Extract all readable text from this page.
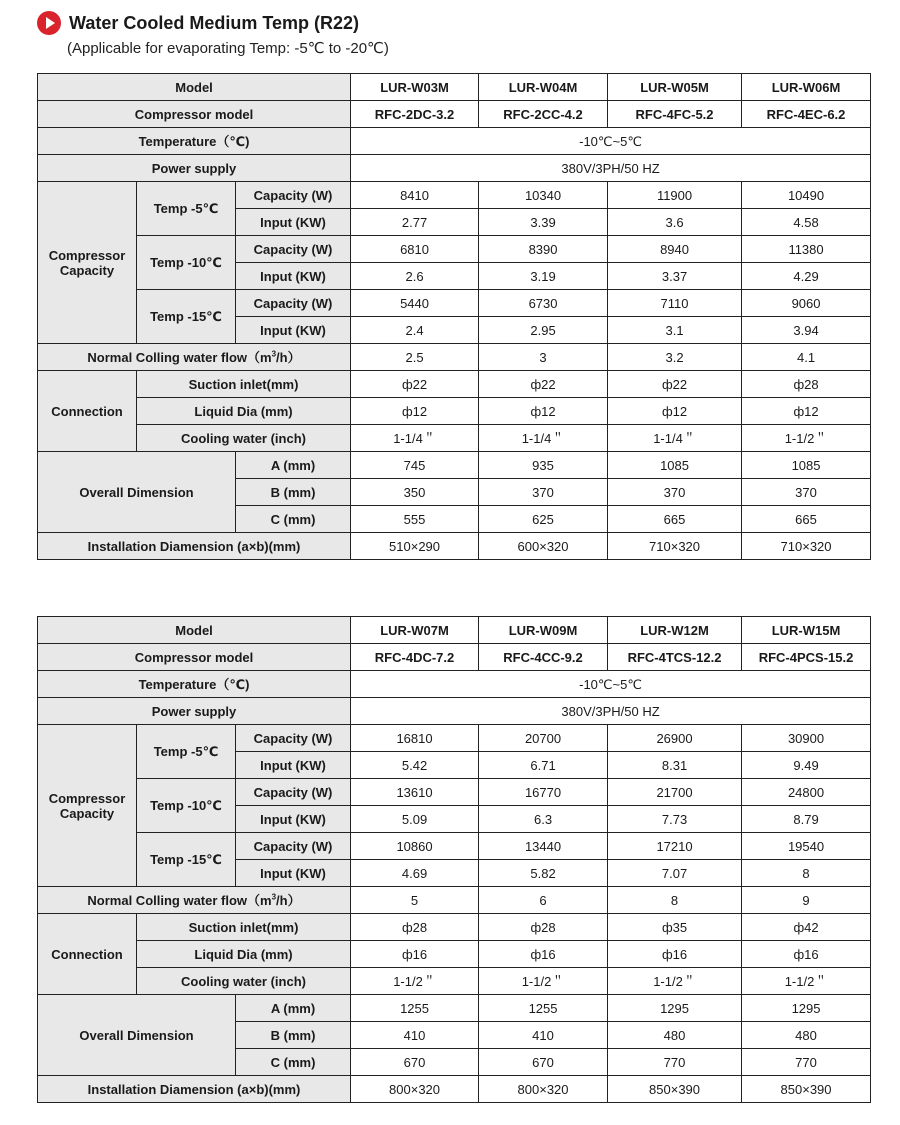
Water Cooled Medium Temp (R22)
(Applicable for evaporating Temp: -5℃ to -20℃)
Model			LUR-W03M	LUR-W04M	LUR-W05M	LUR-W06M
Compressor model			RFC-2DC-3.2	RFC-2CC-4.2	RFC-4FC-5.2	RFC-4EC-6.2
Temperature（℃)			-10℃~5℃			
Power supply			380V/3PH/50 HZ			
Compressor Capacity	Temp -5℃	Capacity (W)	8410	10340	11900	10490
		Input (KW)	2.77	3.39	3.6	4.58
	Temp -10℃	Capacity (W)	6810	8390	8940	11380
		Input (KW)	2.6	3.19	3.37	4.29
	Temp -15℃	Capacity (W)	5440	6730	7110	9060
		Input (KW)	2.4	2.95	3.1	3.94
Normal Colling water $flow(m^3/h)$			2.5	3	3.2	4.1
Connection	Suction inlet(mm)		ф22	ф22	ф22	ф28
	Liquid Dia (mm)		ф12	ф12	ф12	ф12
	Cooling water (inch)		1-1/4＂	1-1/4＂	1-1/4＂	1-1/2＂
Overall Dimension		A (mm)	745	935	1085	1085
		B (mm)	350	370	370	370
		C (mm)	555	625	665	665
Installation Diamension (a×b)(mm)			510×290	600×320	710×320	710×320
Model			LUR-W07M	LUR-W09M	LUR-W12M	LUR-W15M
Compressor model			RFC-4DC-7.2	RFC-4CC-9.2	RFC-4TCS-12.2	RFC-4PCS-15.2
Temperature（℃)			-10℃~5℃			
Power supply			380V/3PH/50 HZ			
Compressor Capacity	Temp -5℃	Capacity (W)	16810	20700	26900	30900
		Input (KW)	5.42	6.71	8.31	9.49
	Temp -10℃	Capacity (W)	13610	16770	21700	24800
		Input (KW)	5.09	6.3	7.73	8.79
	Temp -15℃	Capacity (W)	10860	13440	17210	19540
		Input (KW)	4.69	5.82	7.07	8
Normal Colling water $flow(m^3/h)$			5	6	8	9
Connection	Suction inlet(mm)		ф28	ф28	ф35	ф42
	Liquid Dia (mm)		ф16	ф16	ф16	ф16
	Cooling water (inch)		1-1/2＂	1-1/2＂	1-1/2＂	1-1/2＂
Overall Dimension		A (mm)	1255	1255	1295	1295
		B (mm)	410	410	480	480
		C (mm)	670	670	770	770
Installation Diamension (a×b)(mm)			800×320	800×320	850×390	850×390
